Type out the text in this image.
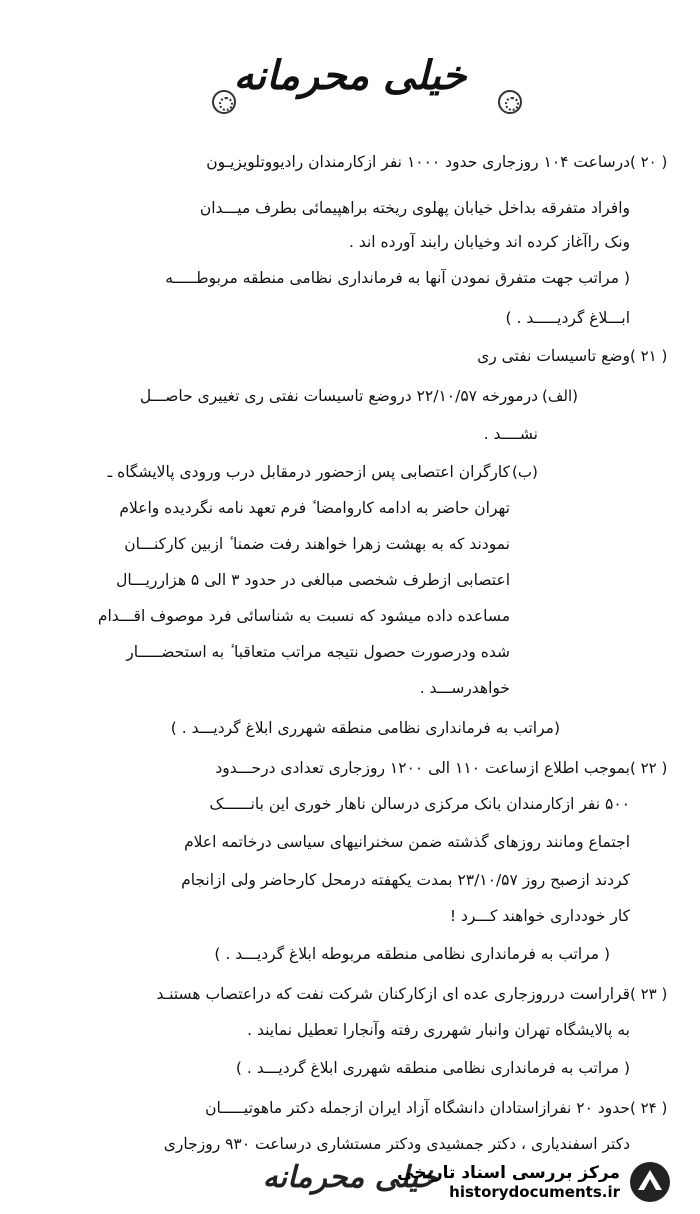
خیلی محرمانه
( ۲۰ )
درساعت ۱۰۴ روزجاری حدود ۱۰۰۰ نفر ازکارمندان رادیووتلویزیـون
وافراد متفرقه بداخل خیابان پهلوی ریخته براهپیمائی بطرف میـــدان
ونک راآغاز کرده اند وخیابان رابند آورده اند .
( مراتب جهت متفرق نمودن آنها به فرمانداری نظامی منطقه مربوطـــــه
ابـــلاغ گردیـــــد . )
( ۲۱ )
وضع تاسیسات نفتی ری
(الف)
درمورخه ۲۲/۱۰/۵۷ دروضع تاسیسات نفتی ری تغییری حاصـــل
نشــــد .
(ب)
کارگران اعتصابی پس ازحضور درمقابل درب ورودی پالایشگاه ـ
تهران حاضر به ادامه کاروامضا ٔ فرم تعهد نامه نگردیده واعلام
نمودند که به بهشت زهرا خواهند رفت ضمنا ٔ ازبین کارکنـــان
اعتصابی ازطرف شخصی مبالغی در حدود ۳ الی ۵ هزارریـــال
مساعده داده میشود که نسبت به شناسائی فرد موصوف اقـــدام
شده ودرصورت حصول نتیجه مراتب متعاقبا ٔ به استحضـــــار
خواهدرســـد .
(مراتب به فرمانداری نظامی منطقه شهرری ابلاغ گردیـــد . )
( ۲۲ )
بموجب اطلاع ازساعت ۱۱۰ الی ۱۲۰۰ روزجاری تعدادی درحـــدود
۵۰۰ نفر ازکارمندان بانک مرکزی درسالن ناهار خوری این بانــــــک
اجتماع ومانند روزهای گذشته ضمن سخنرانیهای سیاسی درخاتمه اعلام
کردند ازصبح روز ۲۳/۱۰/۵۷ بمدت یکهفته درمحل کارحاضر ولی ازانجام
کار خودداری خواهند کـــرد !
( مراتب به فرمانداری نظامی منطقه مربوطه ابلاغ گردیـــد . )
( ۲۳ )
قراراست درروزجاری عده ای ازکارکنان شرکت نفت که دراعتصاب هستنـد
به پالایشگاه تهران وانبار شهرری رفته وآنجارا تعطیل نمایند .
( مراتب به فرمانداری نظامی منطقه شهرری ابلاغ گردیـــد . )
( ۲۴ )
حدود ۲۰ نفرازاستادان دانشگاه آزاد ایران ازجمله دکتر ماهوتیـــــان
دکتر اسفندیاری ، دکتر جمشیدی ودکتر مستشاری درساعت ۹۳۰ روزجاری
خیلی محرمانه
مرکز بررسی اسناد تاریخی
historydocuments.ir
